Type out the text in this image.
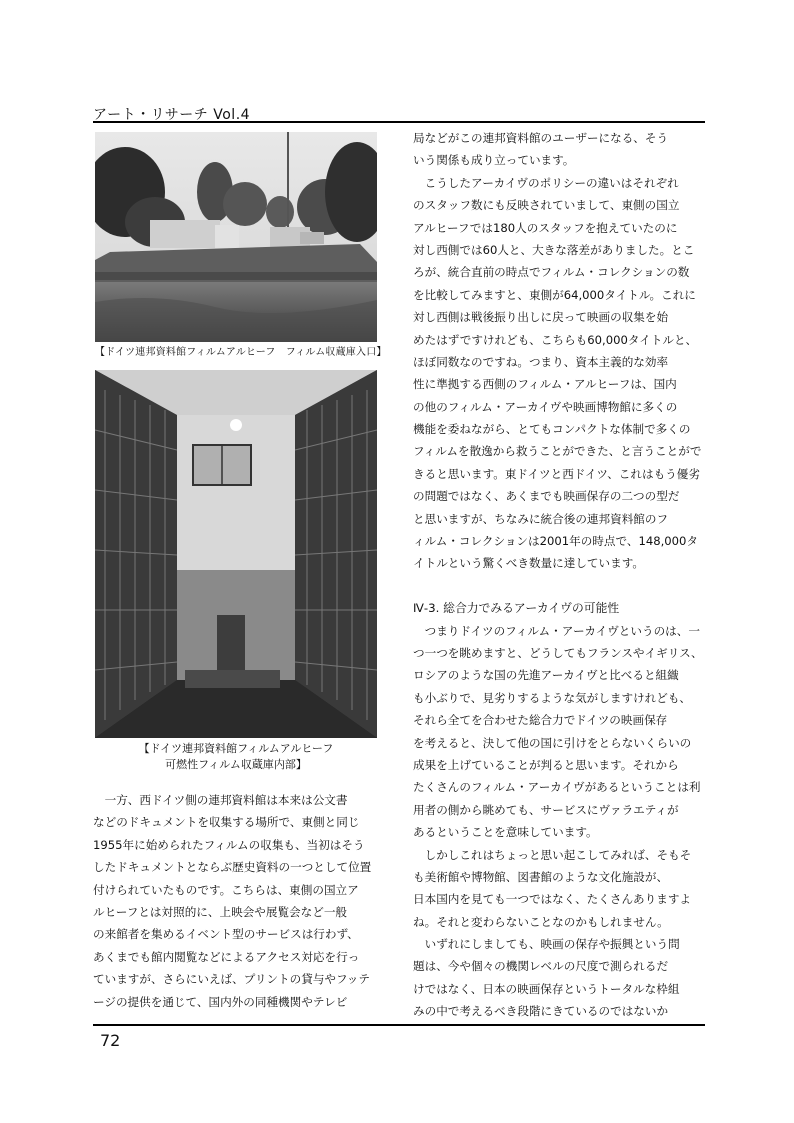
アート・リサーチ Vol.4
【ドイツ連邦資料館フィルムアルヒーフ　フィルム収蔵庫入口】
【ドイツ連邦資料館フィルムアルヒーフ
可燃性フィルム収蔵庫内部】
　一方、西ドイツ側の連邦資料館は本来は公文書
などのドキュメントを収集する場所で、東側と同じ
1955年に始められたフィルムの収集も、当初はそう
したドキュメントとならぶ歴史資料の一つとして位置
付けられていたものです。こちらは、東側の国立ア
ルヒーフとは対照的に、上映会や展覧会など一般
の来館者を集めるイベント型のサービスは行わず、
あくまでも館内閲覧などによるアクセス対応を行っ
ていますが、さらにいえば、プリントの貸与やフッテ
ージの提供を通じて、国内外の同種機関やテレビ
局などがこの連邦資料館のユーザーになる、そう
いう関係も成り立っています。
　こうしたアーカイヴのポリシーの違いはそれぞれ
のスタッフ数にも反映されていまして、東側の国立
アルヒーフでは180人のスタッフを抱えていたのに
対し西側では60人と、大きな落差がありました。とこ
ろが、統合直前の時点でフィルム・コレクションの数
を比較してみますと、東側が64,000タイトル。これに
対し西側は戦後振り出しに戻って映画の収集を始
めたはずですけれども、こちらも60,000タイトルと、
ほぼ同数なのですね。つまり、資本主義的な効率
性に準拠する西側のフィルム・アルヒーフは、国内
の他のフィルム・アーカイヴや映画博物館に多くの
機能を委ねながら、とてもコンパクトな体制で多くの
フィルムを散逸から救うことができた、と言うことがで
きると思います。東ドイツと西ドイツ、これはもう優劣
の問題ではなく、あくまでも映画保存の二つの型だ
と思いますが、ちなみに統合後の連邦資料館のフ
ィルム・コレクションは2001年の時点で、148,000タ
イトルという驚くべき数量に達しています。
Ⅳ-3. 総合力でみるアーカイヴの可能性
　つまりドイツのフィルム・アーカイヴというのは、一
つ一つを眺めますと、どうしてもフランスやイギリス、
ロシアのような国の先進アーカイヴと比べると組織
も小ぶりで、見劣りするような気がしますけれども、
それら全てを合わせた総合力でドイツの映画保存
を考えると、決して他の国に引けをとらないくらいの
成果を上げていることが判ると思います。それから
たくさんのフィルム・アーカイヴがあるということは利
用者の側から眺めても、サービスにヴァラエティが
あるということを意味しています。
　しかしこれはちょっと思い起こしてみれば、そもそ
も美術館や博物館、図書館のような文化施設が、
日本国内を見ても一つではなく、たくさんありますよ
ね。それと変わらないことなのかもしれません。
　いずれにしましても、映画の保存や振興という問
題は、今や個々の機関レベルの尺度で測られるだ
けではなく、日本の映画保存というトータルな枠組
みの中で考えるべき段階にきているのではないか
72
